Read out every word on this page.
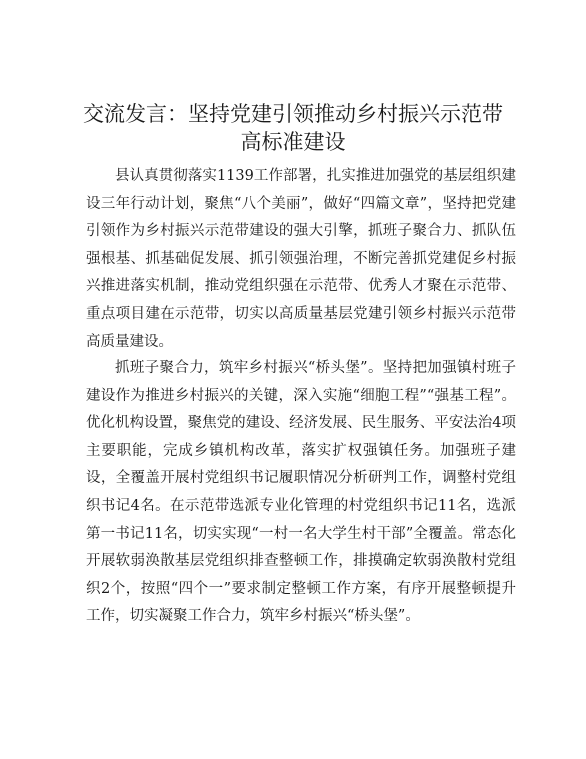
交流发言：坚持党建引领推动乡村振兴示范带
高标准建设

县认真贯彻落实1139工作部署，扎实推进加强党的基层组织建设三年行动计划，聚焦“八个美丽”，做好“四篇文章”，坚持把党建引领作为乡村振兴示范带建设的强大引擎，抓班子聚合力、抓队伍强根基、抓基础促发展、抓引领强治理，不断完善抓党建促乡村振兴推进落实机制，推动党组织强在示范带、优秀人才聚在示范带、重点项目建在示范带，切实以高质量基层党建引领乡村振兴示范带高质量建设。

抓班子聚合力，筑牢乡村振兴“桥头堡”。坚持把加强镇村班子建设作为推进乡村振兴的关键，深入实施“细胞工程”“强基工程”。优化机构设置，聚焦党的建设、经济发展、民生服务、平安法治4项主要职能，完成乡镇机构改革，落实扩权强镇任务。加强班子建设，全覆盖开展村党组织书记履职情况分析研判工作，调整村党组织书记4名。在示范带选派专业化管理的村党组织书记11名，选派第一书记11名，切实实现“一村一名大学生村干部”全覆盖。常态化开展软弱涣散基层党组织排查整顿工作，排摸确定软弱涣散村党组织2个，按照“四个一”要求制定整顿工作方案，有序开展整顿提升工作，切实凝聚工作合力，筑牢乡村振兴“桥头堡”。
